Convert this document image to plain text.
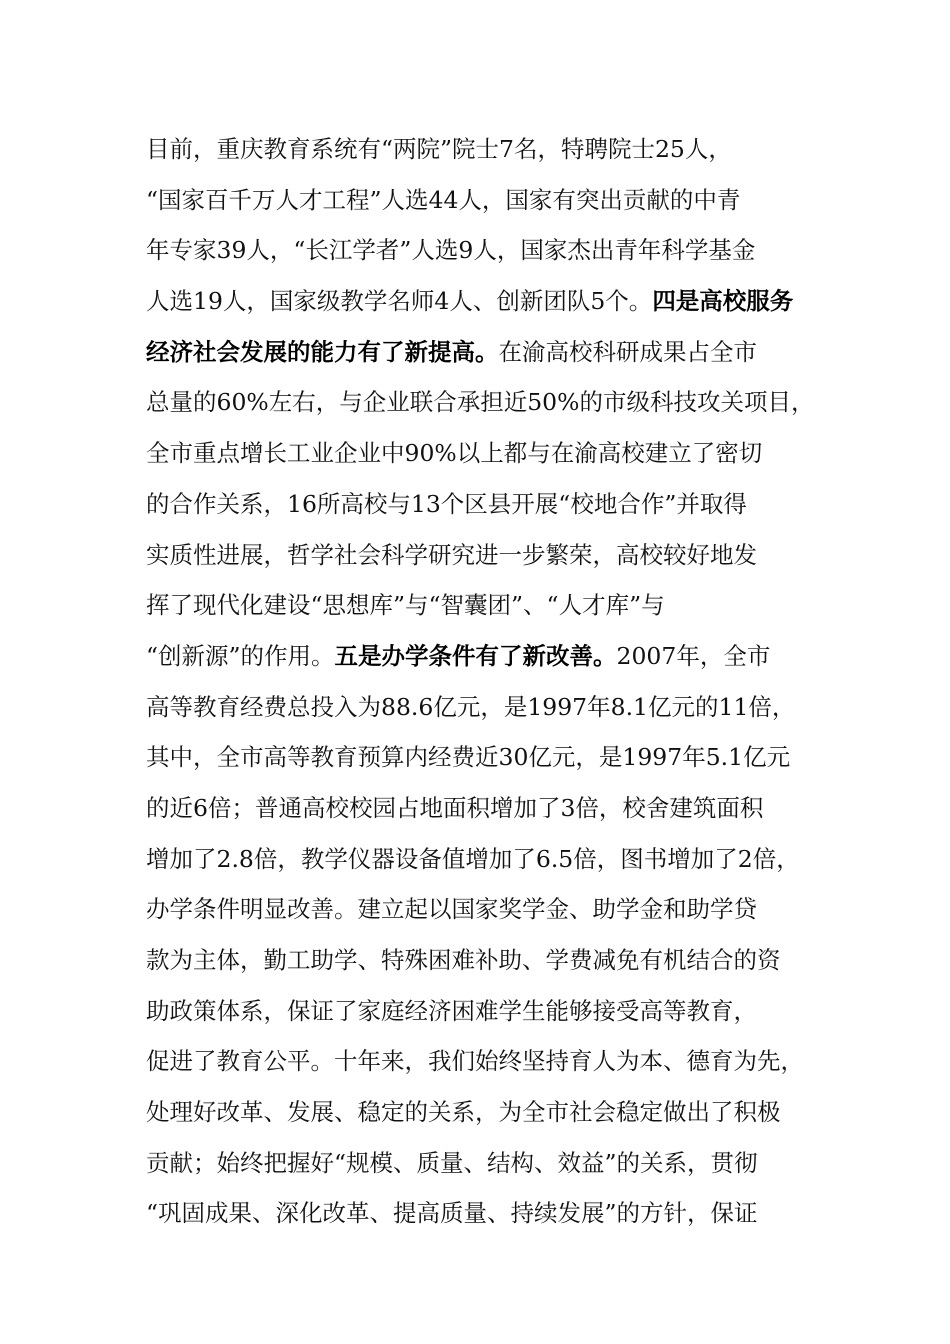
目前，重庆教育系统有“两院”院士7名，特聘院士25人，
“国家百千万人才工程”人选44人，国家有突出贡献的中青
年专家39人，“长江学者”人选9人，国家杰出青年科学基金
人选19人，国家级教学名师4人、创新团队5个。四是高校服务
经济社会发展的能力有了新提高。在渝高校科研成果占全市
总量的60%左右，与企业联合承担近50%的市级科技攻关项目，
全市重点增长工业企业中90%以上都与在渝高校建立了密切
的合作关系，16所高校与13个区县开展“校地合作”并取得
实质性进展，哲学社会科学研究进一步繁荣，高校较好地发
挥了现代化建设“思想库”与“智囊团”、“人才库”与
“创新源”的作用。五是办学条件有了新改善。2007年，全市
高等教育经费总投入为88.6亿元，是1997年8.1亿元的11倍，
其中，全市高等教育预算内经费近30亿元，是1997年5.1亿元
的近6倍；普通高校校园占地面积增加了3倍，校舍建筑面积
增加了2.8倍，教学仪器设备值增加了6.5倍，图书增加了2倍，
办学条件明显改善。建立起以国家奖学金、助学金和助学贷
款为主体，勤工助学、特殊困难补助、学费减免有机结合的资
助政策体系，保证了家庭经济困难学生能够接受高等教育，
促进了教育公平。十年来，我们始终坚持育人为本、德育为先，
处理好改革、发展、稳定的关系，为全市社会稳定做出了积极
贡献；始终把握好“规模、质量、结构、效益”的关系，贯彻
“巩固成果、深化改革、提高质量、持续发展”的方针，保证
